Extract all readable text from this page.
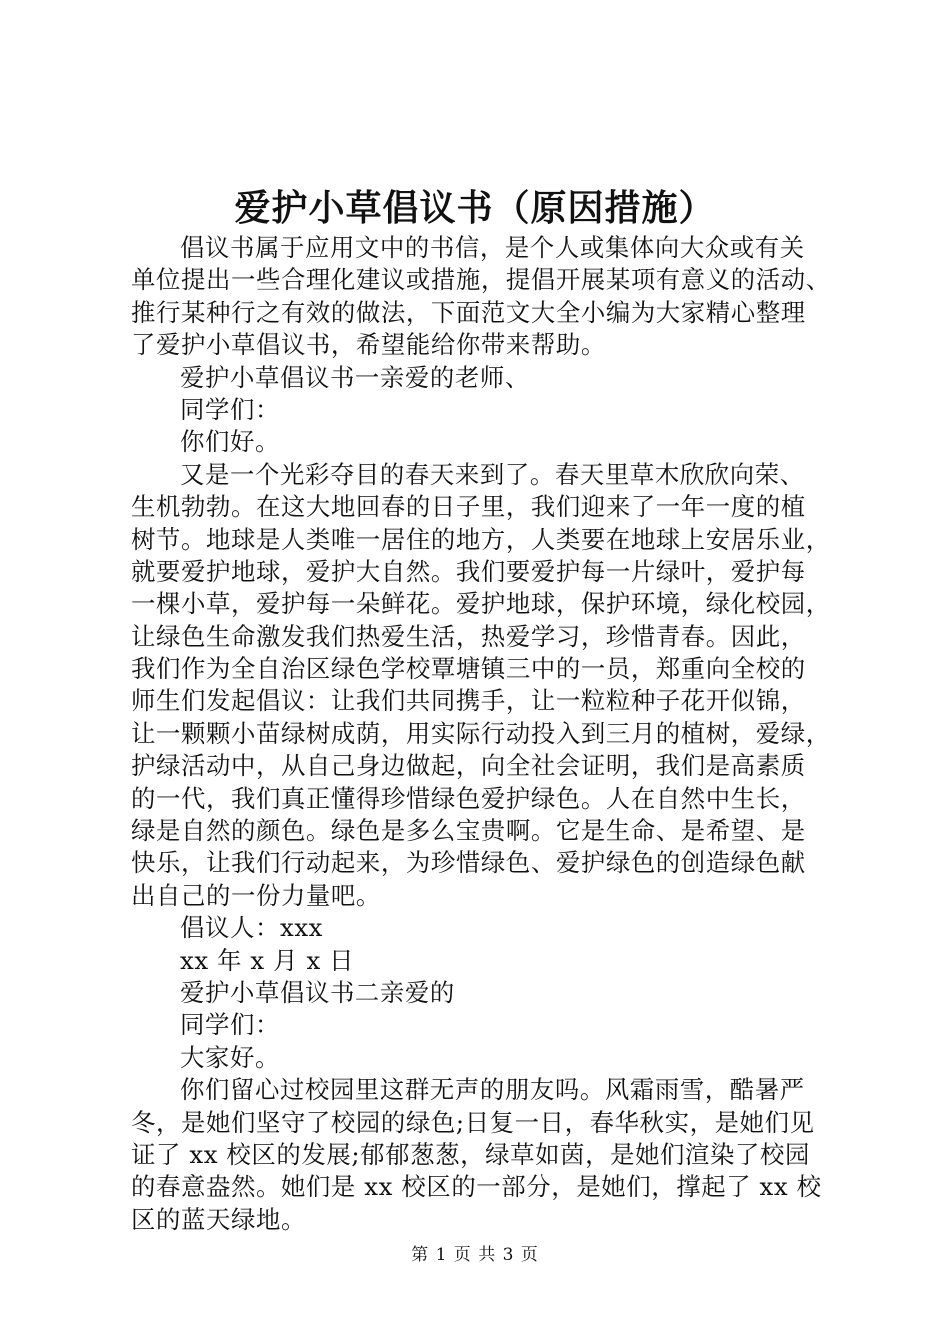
爱护小草倡议书（原因措施）
倡议书属于应用文中的书信，是个人或集体向大众或有关
单位提出一些合理化建议或措施，提倡开展某项有意义的活动、
推行某种行之有效的做法，下面范文大全小编为大家精心整理
了爱护小草倡议书，希望能给你带来帮助。
爱护小草倡议书一亲爱的老师、
同学们：
你们好。
又是一个光彩夺目的春天来到了。春天里草木欣欣向荣、
生机勃勃。在这大地回春的日子里，我们迎来了一年一度的植
树节。地球是人类唯一居住的地方，人类要在地球上安居乐业，
就要爱护地球，爱护大自然。我们要爱护每一片绿叶，爱护每
一棵小草，爱护每一朵鲜花。爱护地球，保护环境，绿化校园，
让绿色生命激发我们热爱生活，热爱学习，珍惜青春。因此，
我们作为全自治区绿色学校覃塘镇三中的一员，郑重向全校的
师生们发起倡议：让我们共同携手，让一粒粒种子花开似锦，
让一颗颗小苗绿树成荫，用实际行动投入到三月的植树，爱绿，
护绿活动中，从自己身边做起，向全社会证明，我们是高素质
的一代，我们真正懂得珍惜绿色爱护绿色。人在自然中生长，
绿是自然的颜色。绿色是多么宝贵啊。它是生命、是希望、是
快乐，让我们行动起来，为珍惜绿色、爱护绿色的创造绿色献
出自己的一份力量吧。
倡议人：xxx
xx 年 x 月 x 日
爱护小草倡议书二亲爱的
同学们：
大家好。
你们留心过校园里这群无声的朋友吗。风霜雨雪，酷暑严
冬，是她们坚守了校园的绿色;日复一日，春华秋实，是她们见
证了 xx 校区的发展;郁郁葱葱，绿草如茵，是她们渲染了校园
的春意盎然。她们是 xx 校区的一部分，是她们，撑起了 xx 校
区的蓝天绿地。
第 1 页 共 3 页
